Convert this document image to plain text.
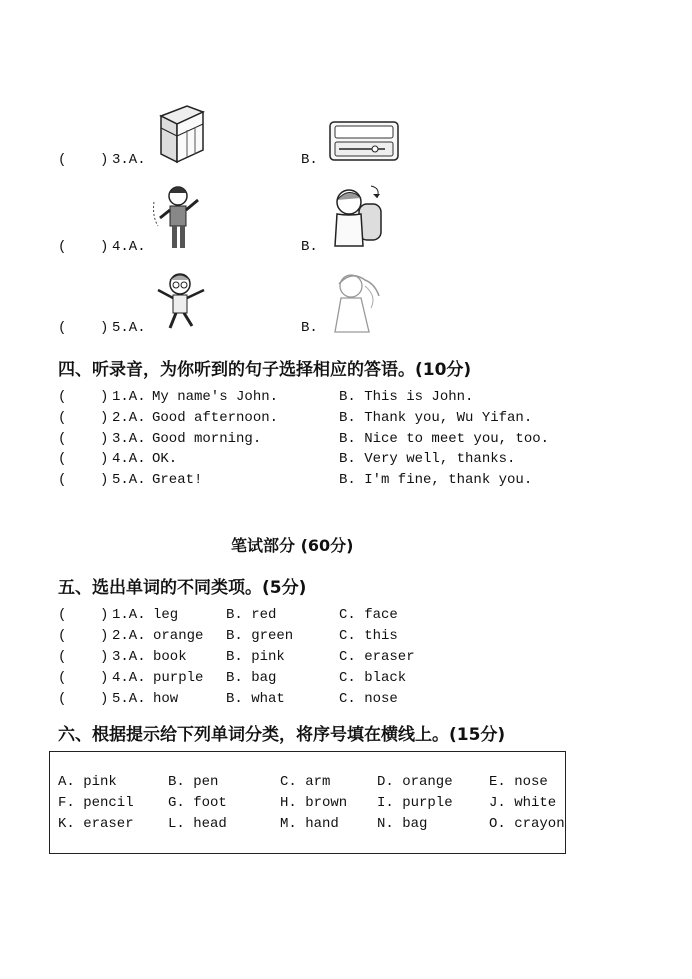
(    ) 3.A.	B.
(    ) 4.A.	B.
(    ) 5.A.	B.
四、听录音，为你听到的句子选择相应的答语。(10分)
(    ) 1.A. My name's John.	B. This is John.
(    ) 2.A. Good afternoon.	B. Thank you, Wu Yifan.
(    ) 3.A. Good morning.	B. Nice to meet you, too.
(    ) 4.A. OK.	B. Very well, thanks.
(    ) 5.A. Great!	B. I'm fine, thank you.
笔试部分 (60分)
五、选出单词的不同类项。(5分)
(    ) 1.A. leg	B. red	C. face
(    ) 2.A. orange B. green	C. this
(    ) 3.A. book	B. pink	C. eraser
(    ) 4.A. purple B. bag	C. black
(    ) 5.A. how	B. what	C. nose
六、根据提示给下列单词分类，将序号填在横线上。(15分)
A. pink	B. pen	C. arm	D. orange	E. nose
F. pencil G. foot	H. brown I. purple	J. white
K. eraser L. head	M. hand	N. bag	O. crayon
